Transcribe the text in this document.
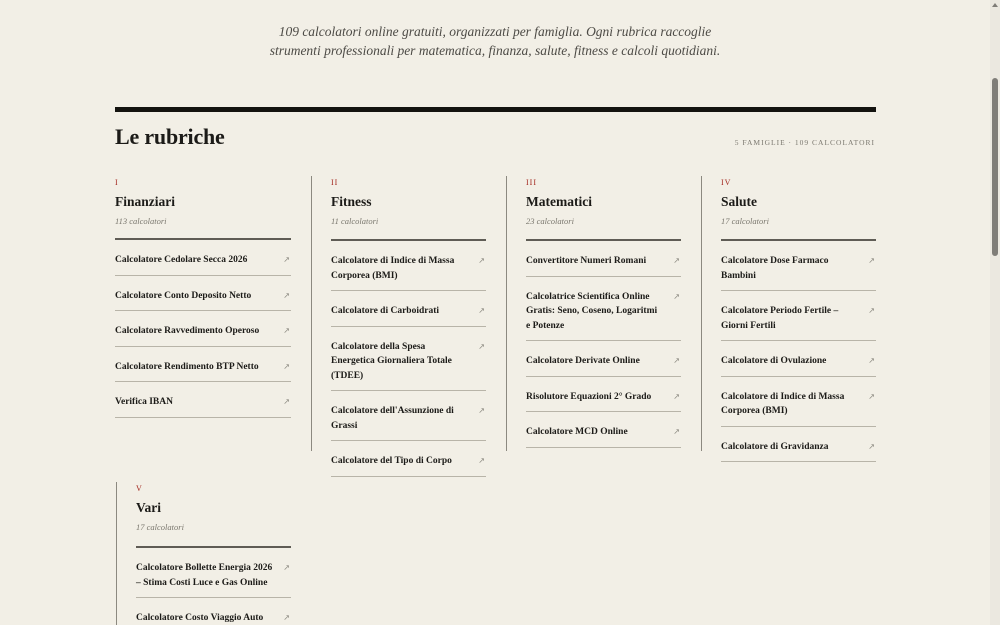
109 calcolatori online gratuiti, organizzati per famiglia. Ogni rubrica raccoglie
strumenti professionali per matematica, finanza, salute, fitness e calcoli quotidiani.
Le rubriche	5 FAMIGLIE · 109 CALCOLATORI
I
Finanziari
113 calcolatori
Calcolatore Cedolare Secca 2026	↗
Calcolatore Conto Deposito Netto	↗
Calcolatore Ravvedimento Operoso	↗
Calcolatore Rendimento BTP Netto	↗
Verifica IBAN	↗
II
Fitness
11 calcolatori
Calcolatore di Indice di Massa Corporea (BMI)
↗
Calcolatore di Carboidrati	↗
Calcolatore della Spesa Energetica Giornaliera Totale (TDEE)
↗
Calcolatore dell'Assunzione di Grassi
↗
Calcolatore del Tipo di Corpo	↗
III
Matematici
23 calcolatori
Convertitore Numeri Romani	↗
Calcolatrice Scientifica Online Gratis: Seno, Coseno, Logaritmi e Potenze
↗
Calcolatore Derivate Online	↗
Risolutore Equazioni 2° Grado	↗
Calcolatore MCD Online	↗
IV
Salute
17 calcolatori
Calcolatore Dose Farmaco Bambini
↗
Calcolatore Periodo Fertile – Giorni Fertili
↗
Calcolatore di Ovulazione	↗
Calcolatore di Indice di Massa Corporea (BMI)
↗
Calcolatore di Gravidanza	↗
V
Vari
17 calcolatori
Calcolatore Bollette Energia 2026 – Stima Costi Luce e Gas Online
↗
Calcolatore Costo Viaggio Auto	↗
